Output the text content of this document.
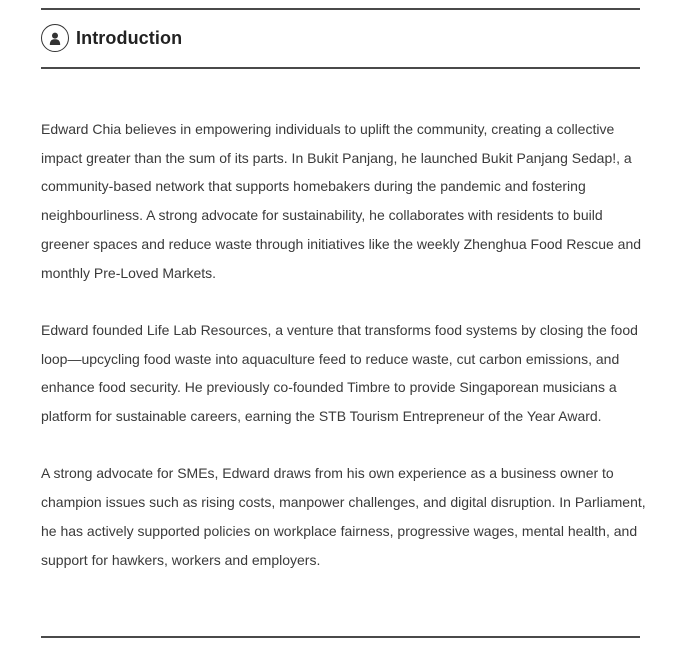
Introduction

Edward Chia believes in empowering individuals to uplift the community, creating a collective impact greater than the sum of its parts. In Bukit Panjang, he launched Bukit Panjang Sedap!, a community-based network that supports homebakers during the pandemic and fostering neighbourliness. A strong advocate for sustainability, he collaborates with residents to build greener spaces and reduce waste through initiatives like the weekly Zhenghua Food Rescue and monthly Pre-Loved Markets.

Edward founded Life Lab Resources, a venture that transforms food systems by closing the food loop—upcycling food waste into aquaculture feed to reduce waste, cut carbon emissions, and enhance food security. He previously co-founded Timbre to provide Singaporean musicians a platform for sustainable careers, earning the STB Tourism Entrepreneur of the Year Award.

A strong advocate for SMEs, Edward draws from his own experience as a business owner to champion issues such as rising costs, manpower challenges, and digital disruption. In Parliament, he has actively supported policies on workplace fairness, progressive wages, mental health, and support for hawkers, workers and employers.
